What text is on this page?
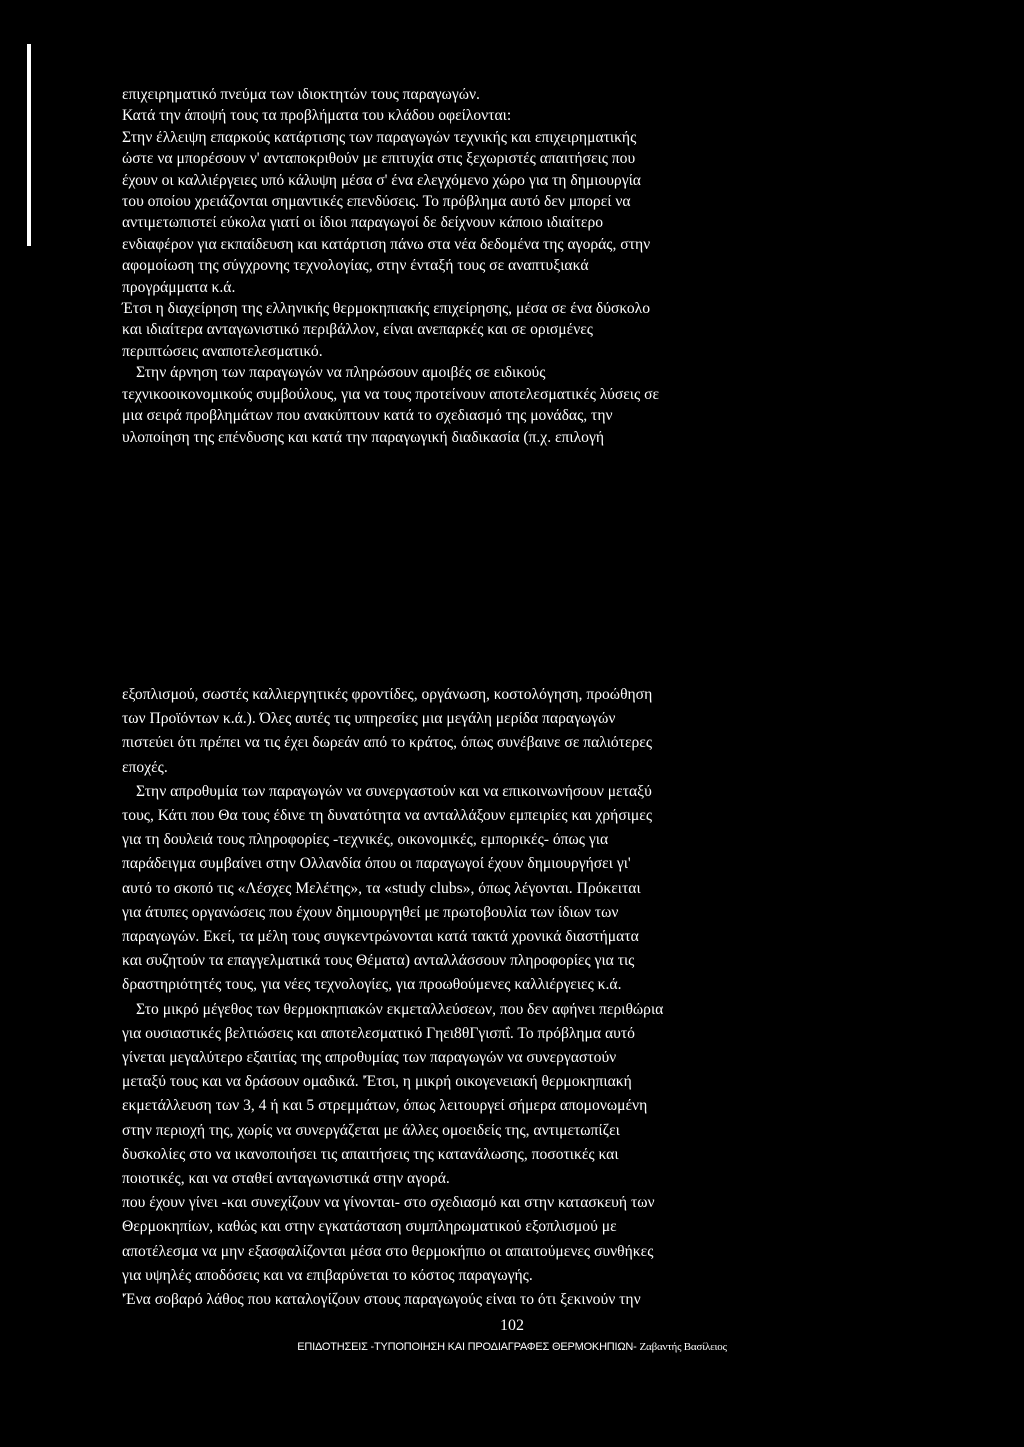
επιχειρηματικό πνεύμα των ιδιοκτητών τους παραγωγών.

Κατά την άποψή τους τα προβλήματα του κλάδου οφείλονται:

Στην έλλειψη επαρκούς κατάρτισης των παραγωγών τεχνικής και επιχειρηματικής

ώστε να μπορέσουν ν' ανταποκριθούν με επιτυχία στις ξεχωριστές απαιτήσεις που

έχουν οι καλλιέργειες υπό κάλυψη μέσα σ' ένα ελεγχόμενο χώρο για τη δημιουργία

του οποίου χρειάζονται σημαντικές επενδύσεις. Το πρόβλημα αυτό δεν μπορεί να

αντιμετωπιστεί εύκολα γιατί οι ίδιοι παραγωγοί δε δείχνουν κάποιο ιδιαίτερο

ενδιαφέρον για εκπαίδευση και κατάρτιση πάνω στα νέα δεδομένα της αγοράς, στην

αφομοίωση της σύγχρονης τεχνολογίας, στην ένταξή τους σε αναπτυξιακά

προγράμματα κ.ά.

Έτσι η διαχείρηση της ελληνικής θερμοκηπιακής επιχείρησης, μέσα σε ένα δύσκολο

και ιδιαίτερα ανταγωνιστικό περιβάλλον, είναι ανεπαρκές και σε ορισμένες

περιπτώσεις αναποτελεσματικό.

Στην άρνηση των παραγωγών να πληρώσουν αμοιβές σε ειδικούς

τεχνικοοικονομικούς συμβούλους, για να τους προτείνουν αποτελεσματικές λύσεις σε

μια σειρά προβλημάτων που ανακύπτουν κατά το σχεδιασμό της μονάδας, την

υλοποίηση της επένδυσης και κατά την παραγωγική διαδικασία (π.χ. επιλογή

εξοπλισμού, σωστές καλλιεργητικές φροντίδες, οργάνωση, κοστολόγηση, προώθηση

των Προϊόντων κ.ά.). Όλες αυτές τις υπηρεσίες μια μεγάλη μερίδα παραγωγών

πιστεύει ότι πρέπει να τις έχει δωρεάν από το κράτος, όπως συνέβαινε σε παλιότερες

εποχές.

Στην απροθυμία των παραγωγών να συνεργαστούν και να επικοινωνήσουν μεταξύ

τους, Κάτι που Θα τους έδινε τη δυνατότητα να ανταλλάξουν εμπειρίες και χρήσιμες

για τη δουλειά τους πληροφορίες -τεχνικές, οικονομικές, εμπορικές- όπως για

παράδειγμα συμβαίνει στην Ολλανδία όπου οι παραγωγοί έχουν δημιουργήσει γι'

αυτό το σκοπό τις «Λέσχες Μελέτης», τα «study clubs», όπως λέγονται. Πρόκειται

για άτυπες οργανώσεις που έχουν δημιουργηθεί με πρωτοβουλία των ίδιων των

παραγωγών. Εκεί, τα μέλη τους συγκεντρώνονται κατά τακτά χρονικά διαστήματα

και συζητούν τα επαγγελματικά τους Θέματα) ανταλλάσσουν πληροφορίες για τις

δραστηριότητές τους, για νέες τεχνολογίες, για προωθούμενες καλλιέργειες κ.ά.

Στο μικρό μέγεθος των θερμοκηπιακών εκμεταλλεύσεων, που δεν αφήνει περιθώρια

για ουσιαστικές βελτιώσεις και αποτελεσματικό Γηει8θΓγισπΐ. Το πρόβλημα αυτό

γίνεται μεγαλύτερο εξαιτίας της απροθυμίας των παραγωγών να συνεργαστούν

μεταξύ τους και να δράσουν ομαδικά. 'Έτσι, η μικρή οικογενειακή θερμοκηπιακή

εκμετάλλευση των 3, 4 ή και 5 στρεμμάτων, όπως λειτουργεί σήμερα απομονωμένη

στην περιοχή της, χωρίς να συνεργάζεται με άλλες ομοειδείς της, αντιμετωπίζει

δυσκολίες στο να ικανοποιήσει τις απαιτήσεις της κατανάλωσης, ποσοτικές και

ποιοτικές, και να σταθεί ανταγωνιστικά στην αγορά.

που έχουν γίνει -και συνεχίζουν να γίνονται- στο σχεδιασμό και στην κατασκευή των

Θερμοκηπίων, καθώς και στην εγκατάσταση συμπληρωματικού εξοπλισμού με

αποτέλεσμα να μην εξασφαλίζονται μέσα στο θερμοκήπιο οι απαιτούμενες συνθήκες

για υψηλές αποδόσεις και να επιβαρύνεται το κόστος παραγωγής.

'Ένα σοβαρό λάθος που καταλογίζουν στους παραγωγούς είναι το ότι ξεκινούν την

102
ΕΠΙΔΟΤΗΣΕΙΣ -ΤΥΠΟΠΟΙΗΣΗ ΚΑΙ ΠΡΟΔΙΑΓΡΑΦΕΣ ΘΕΡΜΟΚΗΠΙΩΝ- Ζαβαντής Βασίλειος
